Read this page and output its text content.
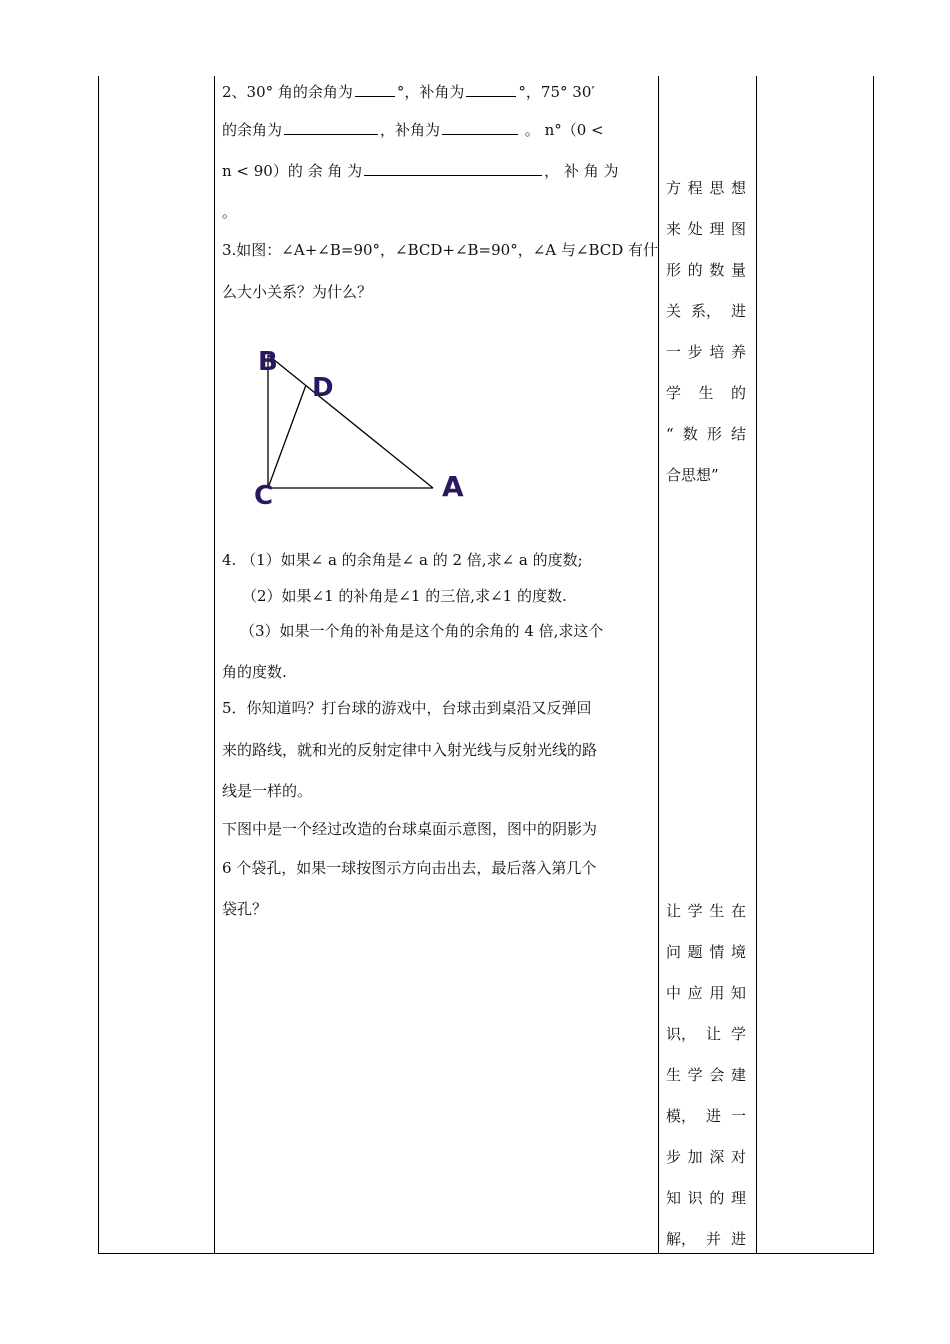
2、30° 角的余角为	°，补角为	°，75° 30′
的余角为	，补角为	。 n°（0 <
n < 90）的 余 角 为	， 补 角 为
。
3.如图：∠A+∠B=90°，∠BCD+∠B=90°，∠A 与∠BCD 有什
么大小关系？为什么？
4. （1）如果∠ a 的余角是∠ a 的 2 倍,求∠ a 的度数;
（2）如果∠1 的补角是∠1 的三倍,求∠1 的度数.
（3）如果一个角的补角是这个角的余角的 4 倍,求这个
角的度数.
5．你知道吗？打台球的游戏中，台球击到桌沿又反弹回
来的路线，就和光的反射定律中入射光线与反射光线的路
线是一样的。
下图中是一个经过改造的台球桌面示意图，图中的阴影为
6 个袋孔，如果一球按图示方向击出去，最后落入第几个
袋孔？
B
D
C	A
方 程 思 想
来 处 理 图
形 的 数 量
关 系， 进
一 步 培 养
学 生 的
“ 数 形 结
合思想”
让 学 生 在
问 题 情 境
中 应 用 知
识， 让 学
生 学 会 建
模， 进 一
步 加 深 对
知 识 的 理
解， 并 进
